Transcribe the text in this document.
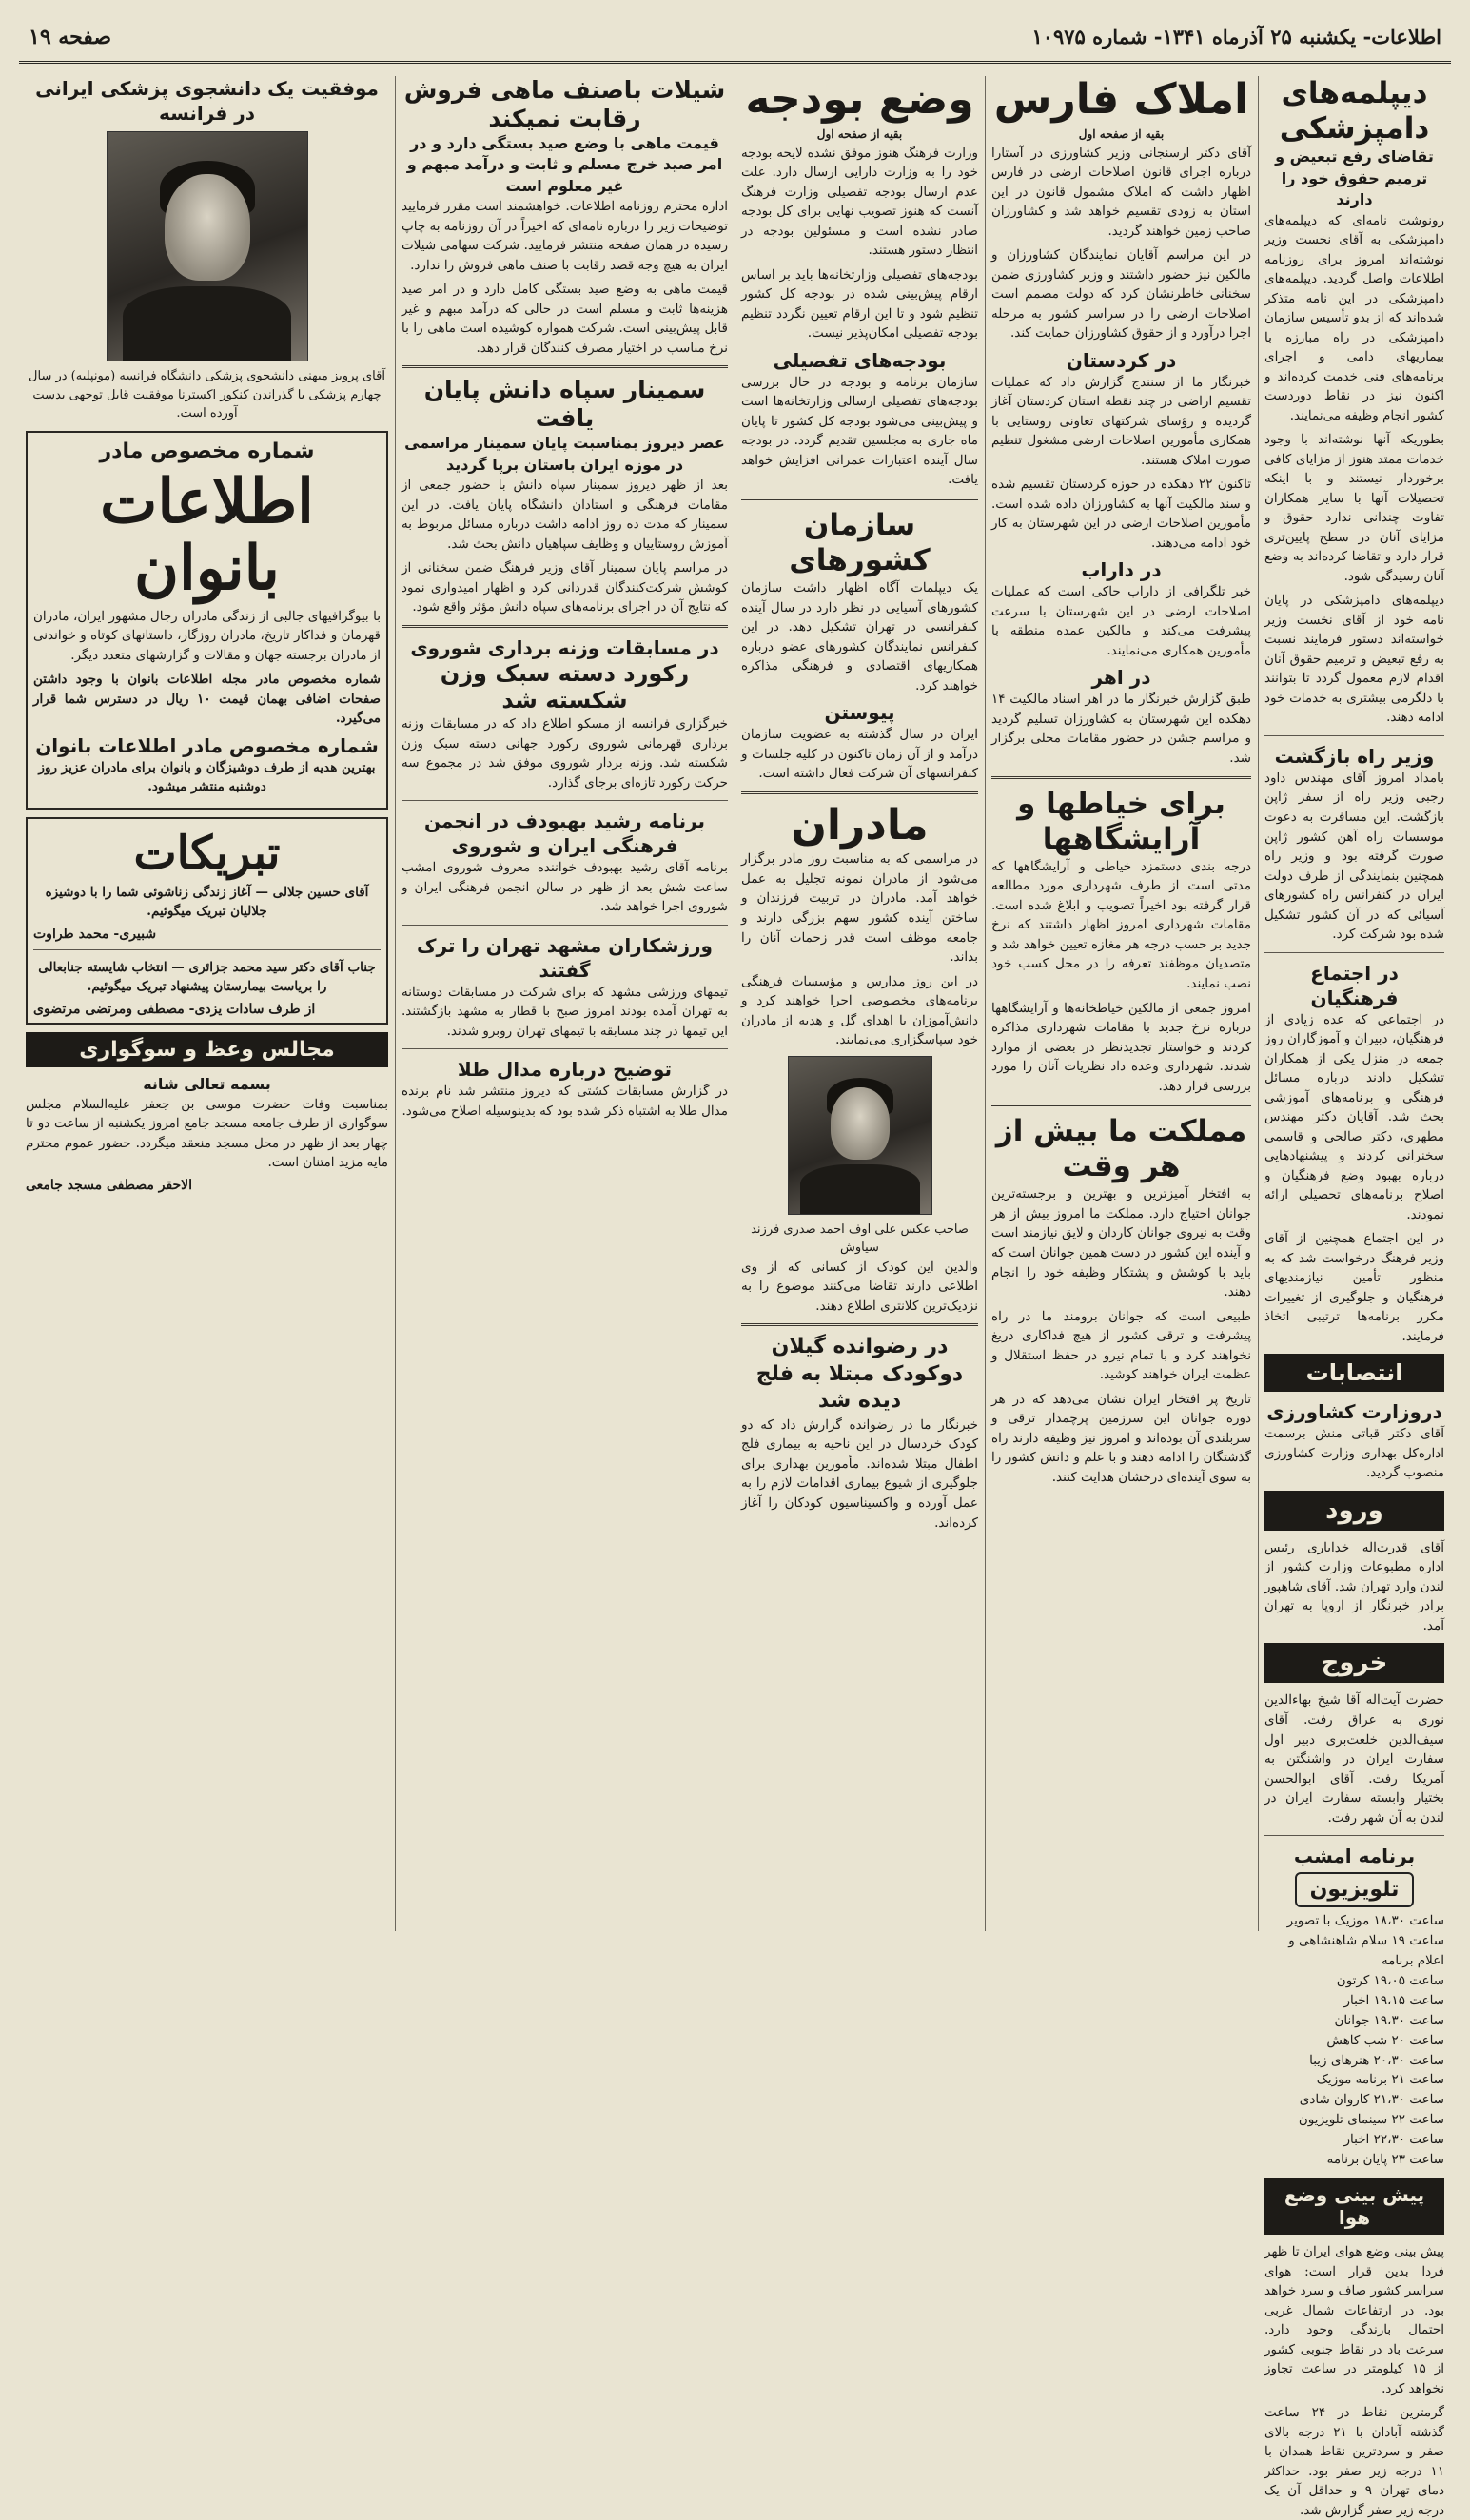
اطلاعات- یکشنبه ۲۵ آذرماه ۱۳۴۱- شماره ۱۰۹۷۵
صفحه ۱۹
دیپلمه‌های دامپزشکی
تقاضای رفع تبعیض و ترمیم حقوق خود را دارند

رونوشت نامه‌ای که دیپلمه‌های دامپزشکی به آقای نخست وزیر نوشته‌اند امروز برای روزنامه اطلاعات واصل گردید. دیپلمه‌های دامپزشکی در این نامه متذکر شده‌اند که از بدو تأسیس سازمان دامپزشکی در راه مبارزه با بیماریهای دامی و اجرای برنامه‌های فنی خدمت کرده‌اند و اکنون نیز در نقاط دوردست کشور انجام وظیفه می‌نمایند.

بطوریکه آنها نوشته‌اند با وجود خدمات ممتد هنوز از مزایای کافی برخوردار نیستند و با اینکه تحصیلات آنها با سایر همکاران تفاوت چندانی ندارد حقوق و مزایای آنان در سطح پایین‌تری قرار دارد و تقاضا کرده‌اند به وضع آنان رسیدگی شود.

دیپلمه‌های دامپزشکی در پایان نامه خود از آقای نخست وزیر خواسته‌اند دستور فرمایند نسبت به رفع تبعیض و ترمیم حقوق آنان اقدام لازم معمول گردد تا بتوانند با دلگرمی بیشتری به خدمات خود ادامه دهند.

وزیر راه بازگشت

بامداد امروز آقای مهندس داود رجبی وزیر راه از سفر ژاپن بازگشت. این مسافرت به دعوت موسسات راه آهن کشور ژاپن صورت گرفته بود و وزیر راه همچنین بنمایندگی از طرف دولت ایران در کنفرانس راه کشورهای آسیائی که در آن کشور تشکیل شده بود شرکت کرد.

در اجتماع فرهنگیان

در اجتماعی که عده زیادی از فرهنگیان، دبیران و آموزگاران روز جمعه در منزل یکی از همکاران تشکیل دادند درباره مسائل فرهنگی و برنامه‌های آموزشی بحث شد. آقایان دکتر مهندس مطهری، دکتر صالحی و قاسمی سخنرانی کردند و پیشنهادهایی درباره بهبود وضع فرهنگیان و اصلاح برنامه‌های تحصیلی ارائه نمودند.

در این اجتماع همچنین از آقای وزیر فرهنگ درخواست شد که به منظور تأمین نیازمندیهای فرهنگیان و جلوگیری از تغییرات مکرر برنامه‌ها ترتیبی اتخاذ فرمایند.

انتصابات
دروزارت کشاورزی

آقای دکتر قباتی منش برسمت اداره‌کل بهداری وزارت کشاورزی منصوب گردید.

ورود

آقای قدرت‌اله خدایاری رئیس اداره مطبوعات وزارت کشور از لندن وارد تهران شد. آقای شاهپور برادر خبرنگار از اروپا به تهران آمد.

خروج

حضرت آیت‌اله آقا شیخ بهاءالدین نوری به عراق رفت. آقای سیف‌الدین خلعت‌بری دبیر اول سفارت ایران در واشنگتن به آمریکا رفت. آقای ابوالحسن بختیار وابسته سفارت ایران در لندن به آن شهر رفت.

برنامه امشب
تلویزیون
ساعت ۱۸،۳۰ موزیک با تصویر
ساعت ۱۹ سلام شاهنشاهی و اعلام برنامه
ساعت ۱۹،۰۵ کرتون
ساعت ۱۹،۱۵ اخبار
ساعت ۱۹،۳۰ جوانان
ساعت ۲۰ شب کاهش
ساعت ۲۰،۳۰ هنرهای زیبا
ساعت ۲۱ برنامه موزیک
ساعت ۲۱،۳۰ کاروان شادی
ساعت ۲۲ سینمای تلویزیون
ساعت ۲۲،۳۰ اخبار
ساعت ۲۳ پایان برنامه
پیش بینی وضع هوا

پیش بینی وضع هوای ایران تا ظهر فردا بدین قرار است: هوای سراسر کشور صاف و سرد خواهد بود. در ارتفاعات شمال غربی احتمال بارندگی وجود دارد. سرعت باد در نقاط جنوبی کشور از ۱۵ کیلومتر در ساعت تجاوز نخواهد کرد.

گرمترین نقاط در ۲۴ ساعت گذشته آبادان با ۲۱ درجه بالای صفر و سردترین نقاط همدان با ۱۱ درجه زیر صفر بود. حداکثر دمای تهران ۹ و حداقل آن یک درجه زیر صفر گزارش شد.

املاک فارس
بقیه از صفحه اول

آقای دکتر ارسنجانی وزیر کشاورزی در آستارا درباره اجرای قانون اصلاحات ارضی در فارس اظهار داشت که املاک مشمول قانون در این استان به زودی تقسیم خواهد شد و کشاورزان صاحب زمین خواهند گردید.

در این مراسم آقایان نمایندگان کشاورزان و مالکین نیز حضور داشتند و وزیر کشاورزی ضمن سخنانی خاطرنشان کرد که دولت مصمم است اصلاحات ارضی را در سراسر کشور به مرحله اجرا درآورد و از حقوق کشاورزان حمایت کند.

در کردستان

خبرنگار ما از سنندج گزارش داد که عملیات تقسیم اراضی در چند نقطه استان کردستان آغاز گردیده و رؤسای شرکتهای تعاونی روستایی با همکاری مأمورین اصلاحات ارضی مشغول تنظیم صورت املاک هستند.

تاکنون ۲۲ دهکده در حوزه کردستان تقسیم شده و سند مالکیت آنها به کشاورزان داده شده است. مأمورین اصلاحات ارضی در این شهرستان به کار خود ادامه می‌دهند.

در داراب

خبر تلگرافی از داراب حاکی است که عملیات اصلاحات ارضی در این شهرستان با سرعت پیشرفت می‌کند و مالکین عمده منطقه با مأمورین همکاری می‌نمایند.

در اهر

طبق گزارش خبرنگار ما در اهر اسناد مالکیت ۱۴ دهکده این شهرستان به کشاورزان تسلیم گردید و مراسم جشن در حضور مقامات محلی برگزار شد.

برای خیاطها و آرایشگاهها

درجه بندی دستمزد خیاطی و آرایشگاهها که مدتی است از طرف شهرداری مورد مطالعه قرار گرفته بود اخیراً تصویب و ابلاغ شده است. مقامات شهرداری امروز اظهار داشتند که نرخ جدید بر حسب درجه هر مغازه تعیین خواهد شد و متصدیان موظفند تعرفه را در محل کسب خود نصب نمایند.

امروز جمعی از مالکین خیاطخانه‌ها و آرایشگاهها درباره نرخ جدید با مقامات شهرداری مذاکره کردند و خواستار تجدیدنظر در بعضی از موارد شدند. شهرداری وعده داد نظریات آنان را مورد بررسی قرار دهد.

مملکت ما بیش از هر وقت

به افتخار آمیزترین و بهترین و برجسته‌ترین جوانان احتیاج دارد. مملکت ما امروز بیش از هر وقت به نیروی جوانان کاردان و لایق نیازمند است و آینده این کشور در دست همین جوانان است که باید با کوشش و پشتکار وظیفه خود را انجام دهند.

طبیعی است که جوانان برومند ما در راه پیشرفت و ترقی کشور از هیچ فداکاری دریغ نخواهند کرد و با تمام نیرو در حفظ استقلال و عظمت ایران خواهند کوشید.

تاریخ پر افتخار ایران نشان می‌دهد که در هر دوره جوانان این سرزمین پرچمدار ترقی و سربلندی آن بوده‌اند و امروز نیز وظیفه دارند راه گذشتگان را ادامه دهند و با علم و دانش کشور را به سوی آینده‌ای درخشان هدایت کنند.

وضع بودجه
بقیه از صفحه اول

وزارت فرهنگ هنوز موفق نشده لایحه بودجه خود را به وزارت دارایی ارسال دارد. علت عدم ارسال بودجه تفصیلی وزارت فرهنگ آنست که هنوز تصویب نهایی برای کل بودجه صادر نشده است و مسئولین بودجه در انتظار دستور هستند.

بودجه‌های تفصیلی وزارتخانه‌ها باید بر اساس ارقام پیش‌بینی شده در بودجه کل کشور تنظیم شود و تا این ارقام تعیین نگردد تنظیم بودجه تفصیلی امکان‌پذیر نیست.

بودجه‌های تفصیلی

سازمان برنامه و بودجه در حال بررسی بودجه‌های تفصیلی ارسالی وزارتخانه‌ها است و پیش‌بینی می‌شود بودجه کل کشور تا پایان ماه جاری به مجلسین تقدیم گردد. در بودجه سال آینده اعتبارات عمرانی افزایش خواهد یافت.

سازمان کشورهای

یک دیپلمات آگاه اظهار داشت سازمان کشورهای آسیایی در نظر دارد در سال آینده کنفرانسی در تهران تشکیل دهد. در این کنفرانس نمایندگان کشورهای عضو درباره همکاریهای اقتصادی و فرهنگی مذاکره خواهند کرد.

پیوستن

ایران در سال گذشته به عضویت سازمان درآمد و از آن زمان تاکنون در کلیه جلسات و کنفرانسهای آن شرکت فعال داشته است.

مادران

در مراسمی که به مناسبت روز مادر برگزار می‌شود از مادران نمونه تجلیل به عمل خواهد آمد. مادران در تربیت فرزندان و ساختن آینده کشور سهم بزرگی دارند و جامعه موظف است قدر زحمات آنان را بداند.

در این روز مدارس و مؤسسات فرهنگی برنامه‌های مخصوصی اجرا خواهند کرد و دانش‌آموزان با اهدای گل و هدیه از مادران خود سپاسگزاری می‌نمایند.

صاحب عکس علی اوف احمد صدری فرزند سیاوش

والدین این کودک از کسانی که از وی اطلاعی دارند تقاضا می‌کنند موضوع را به نزدیک‌ترین کلانتری اطلاع دهند.

در رضوانده گیلان دوکودک مبتلا به فلج دیده شد

خبرنگار ما در رضوانده گزارش داد که دو کودک خردسال در این ناحیه به بیماری فلج اطفال مبتلا شده‌اند. مأمورین بهداری برای جلوگیری از شیوع بیماری اقدامات لازم را به عمل آورده و واکسیناسیون کودکان را آغاز کرده‌اند.

شیلات باصنف ماهی فروش رقابت نمیکند
قیمت ماهی با وضع صید بستگی دارد و در امر صید خرج مسلم و ثابت و درآمد مبهم و غیر معلوم است

اداره محترم روزنامه اطلاعات. خواهشمند است مقرر فرمایید توضیحات زیر را درباره نامه‌ای که اخیراً در آن روزنامه به چاپ رسیده در همان صفحه منتشر فرمایید. شرکت سهامی شیلات ایران به هیچ وجه قصد رقابت با صنف ماهی فروش را ندارد.

قیمت ماهی به وضع صید بستگی کامل دارد و در امر صید هزینه‌ها ثابت و مسلم است در حالی که درآمد مبهم و غیر قابل پیش‌بینی است. شرکت همواره کوشیده است ماهی را با نرخ مناسب در اختیار مصرف کنندگان قرار دهد.

سمینار سپاه دانش پایان یافت
عصر دیروز بمناسبت پایان سمینار مراسمی در موزه ایران باستان برپا گردید

بعد از ظهر دیروز سمینار سپاه دانش با حضور جمعی از مقامات فرهنگی و استادان دانشگاه پایان یافت. در این سمینار که مدت ده روز ادامه داشت درباره مسائل مربوط به آموزش روستاییان و وظایف سپاهیان دانش بحث شد.

در مراسم پایان سمینار آقای وزیر فرهنگ ضمن سخنانی از کوشش شرکت‌کنندگان قدردانی کرد و اظهار امیدواری نمود که نتایج آن در اجرای برنامه‌های سپاه دانش مؤثر واقع شود.

در مسابقات وزنه برداری شوروی
رکورد دسته سبک وزن شکسته شد

خبرگزاری فرانسه از مسکو اطلاع داد که در مسابقات وزنه برداری قهرمانی شوروی رکورد جهانی دسته سبک وزن شکسته شد. وزنه بردار شوروی موفق شد در مجموع سه حرکت رکورد تازه‌ای برجای گذارد.

برنامه رشید بهبودف در انجمن فرهنگی ایران و شوروی

برنامه آقای رشید بهبودف خواننده معروف شوروی امشب ساعت شش بعد از ظهر در سالن انجمن فرهنگی ایران و شوروی اجرا خواهد شد.

ورزشکاران مشهد تهران را ترک گفتند

تیمهای ورزشی مشهد که برای شرکت در مسابقات دوستانه به تهران آمده بودند امروز صبح با قطار به مشهد بازگشتند. این تیمها در چند مسابقه با تیمهای تهران روبرو شدند.

توضیح درباره مدال طلا

در گزارش مسابقات کشتی که دیروز منتشر شد نام برنده مدال طلا به اشتباه ذکر شده بود که بدینوسیله اصلاح می‌شود.

موفقیت یک دانشجوی پزشکی ایرانی در فرانسه
آقای پرویز میهنی دانشجوی پزشکی دانشگاه فرانسه (مونپلیه) در سال چهارم پزشکی با گذراندن کنکور اکسترنا موفقیت قابل توجهی بدست آورده است.
شماره مخصوص مادر
اطلاعات بانوان

با بیوگرافیهای جالبی از زندگی مادران رجال مشهور ایران، مادران قهرمان و فداکار تاریخ، مادران روزگار، داستانهای کوتاه و خواندنی از مادران برجسته جهان و مقالات و گزارشهای متعدد دیگر.

شماره مخصوص مادر مجله اطلاعات بانوان با وجود داشتن صفحات اضافی بهمان قیمت ۱۰ ریال در دسترس شما قرار می‌گیرد.

شماره مخصوص مادر اطلاعات بانوان

بهترین هدیه از طرف دوشیزگان و بانوان برای مادران عزیز روز دوشنبه منتشر میشود.

تبریکات

آقای حسین جلالی — آغاز زندگی زناشوئی شما را با دوشیزه جلالیان تبریک میگوئیم.

شبیری- محمد طراوت

جناب آقای دکتر سید محمد جزائری — انتخاب شایسته جنابعالی را بریاست بیمارستان پیشنهاد تبریک میگوئیم.

از طرف سادات یزدی- مصطفی ومرتضی مرتضوی
مجالس وعظ و سوگواری
بسمه تعالی شانه

بمناسبت وفات حضرت موسی بن جعفر علیه‌السلام مجلس سوگواری از طرف جامعه مسجد جامع امروز یکشنبه از ساعت دو تا چهار بعد از ظهر در محل مسجد منعقد میگردد. حضور عموم محترم مایه مزید امتنان است.

الاحقر مصطفی مسجد جامعی
